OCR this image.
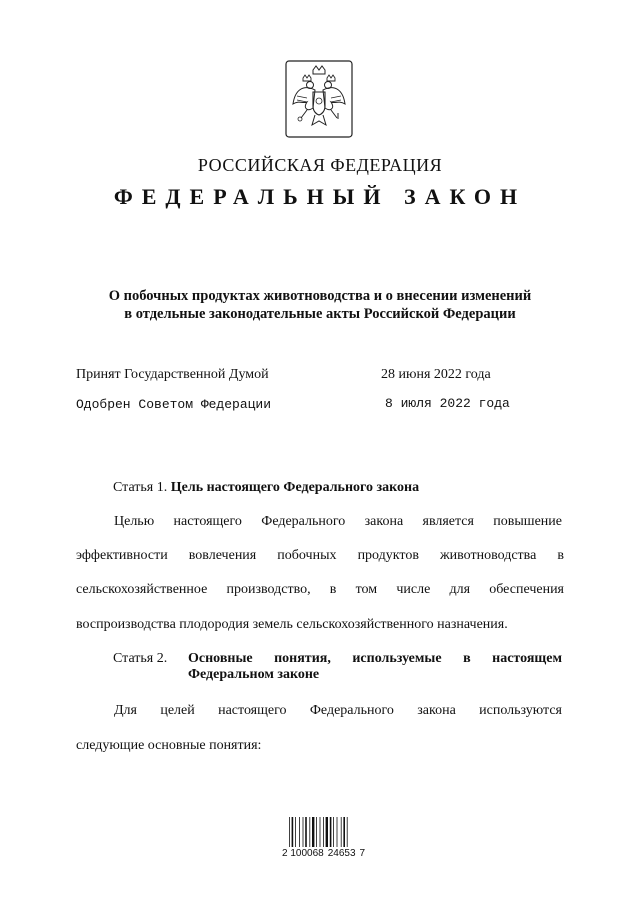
РОССИЙСКАЯ ФЕДЕРАЦИЯ
ФЕДЕРАЛЬНЫЙ ЗАКОН
О побочных продуктах животноводства и о внесении изменений
в отдельные законодательные акты Российской Федерации
Принят Государственной Думой	28 июня 2022 года
Одобрен Советом Федерации	8 июля 2022 года
Статья 1. Цель настоящего Федерального закона
Целью настоящего Федерального закона является повышение
эффективности вовлечения побочных продуктов животноводства в
сельскохозяйственное производство, в том числе для обеспечения
воспроизводства плодородия земель сельскохозяйственного назначения.
Статья 2. Основные понятия, используемые в настоящем
Федеральном законе
Для целей настоящего Федерального закона используются
следующие основные понятия:
2 100068 24653 7
